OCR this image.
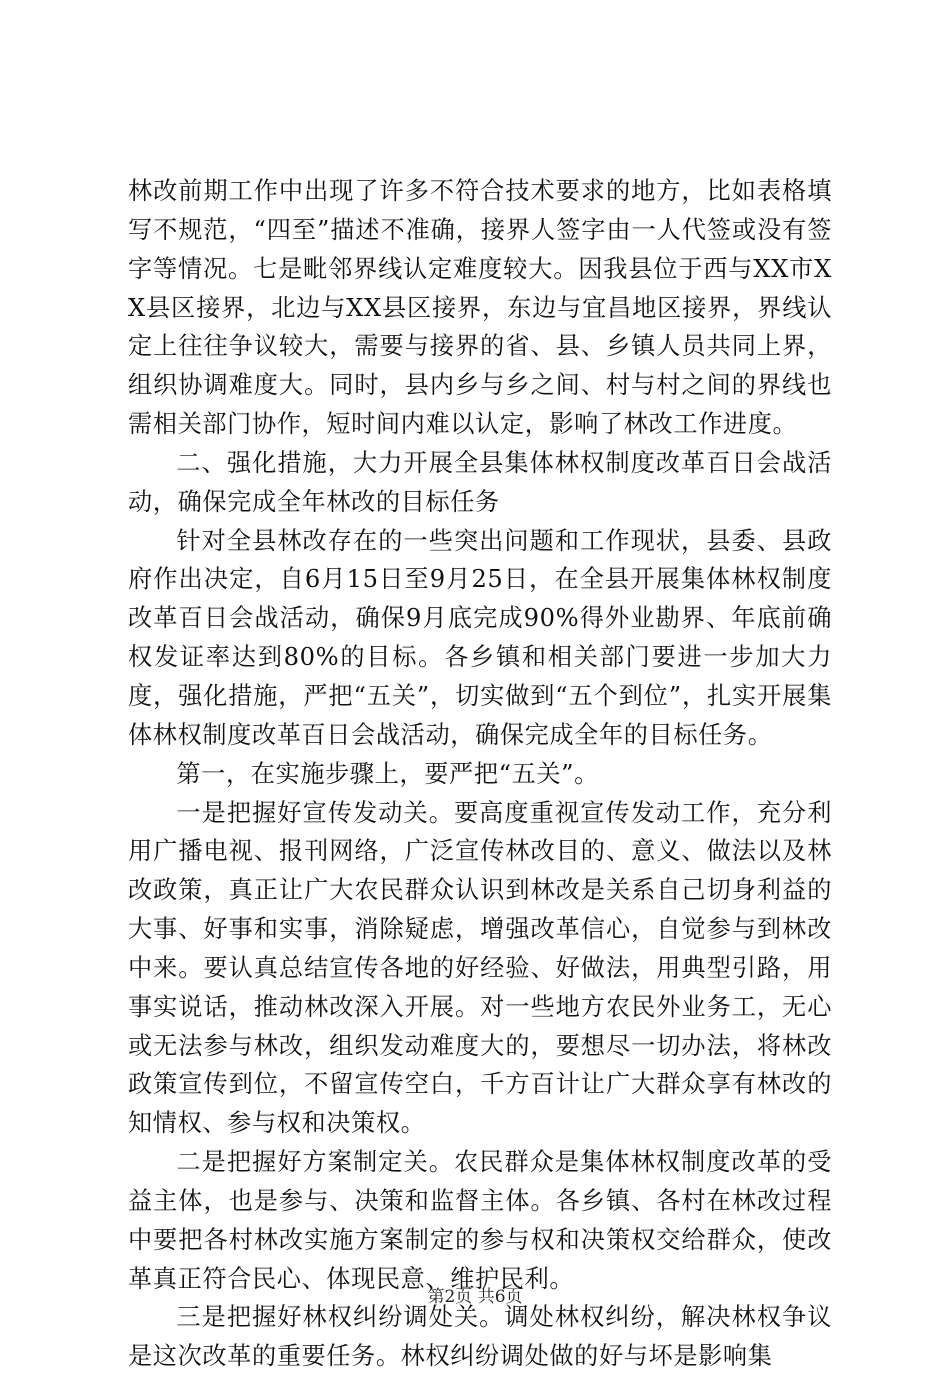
林改前期工作中出现了许多不符合技术要求的地方，比如表格填写不规范，“四至”描述不准确，接界人签字由一人代签或没有签字等情况。七是毗邻界线认定难度较大。因我县位于西与XX市XX县区接界，北边与XX县区接界，东边与宜昌地区接界，界线认定上往往争议较大，需要与接界的省、县、乡镇人员共同上界，组织协调难度大。同时，县内乡与乡之间、村与村之间的界线也需相关部门协作，短时间内难以认定，影响了林改工作进度。

二、强化措施，大力开展全县集体林权制度改革百日会战活动，确保完成全年林改的目标任务

针对全县林改存在的一些突出问题和工作现状，县委、县政府作出决定，自6月15日至9月25日，在全县开展集体林权制度改革百日会战活动，确保9月底完成90%得外业勘界、年底前确权发证率达到80%的目标。各乡镇和相关部门要进一步加大力度，强化措施，严把“五关”，切实做到“五个到位”，扎实开展集体林权制度改革百日会战活动，确保完成全年的目标任务。

第一，在实施步骤上，要严把“五关”。

一是把握好宣传发动关。要高度重视宣传发动工作，充分利用广播电视、报刊网络，广泛宣传林改目的、意义、做法以及林改政策，真正让广大农民群众认识到林改是关系自己切身利益的大事、好事和实事，消除疑虑，增强改革信心，自觉参与到林改中来。要认真总结宣传各地的好经验、好做法，用典型引路，用事实说话，推动林改深入开展。对一些地方农民外业务工，无心或无法参与林改，组织发动难度大的，要想尽一切办法，将林改政策宣传到位，不留宣传空白，千方百计让广大群众享有林改的知情权、参与权和决策权。

二是把握好方案制定关。农民群众是集体林权制度改革的受益主体，也是参与、决策和监督主体。各乡镇、各村在林改过程中要把各村林改实施方案制定的参与权和决策权交给群众，使改革真正符合民心、体现民意、维护民利。

三是把握好林权纠纷调处关。调处林权纠纷，解决林权争议是这次改革的重要任务。林权纠纷调处做的好与坏是影响集

第2页 共6页
